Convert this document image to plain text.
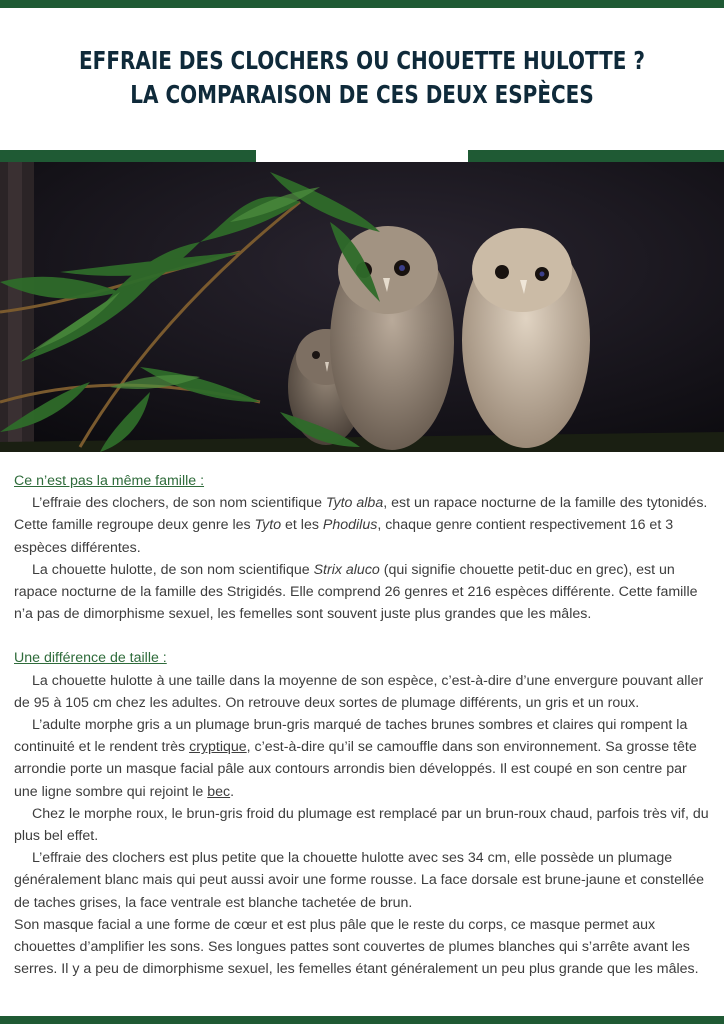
EFFRAIE DES CLOCHERS OU CHOUETTE HULOTTE ?
LA COMPARAISON DE CES DEUX ESPÈCES

Ce n’est pas la même famille :

L’effraie des clochers, de son nom scientifique Tyto alba, est un rapace nocturne de la famille des tytonidés. Cette famille regroupe deux genre les Tyto et les Phodilus, chaque genre contient respectivement 16 et 3 espèces différentes.

La chouette hulotte, de son nom scientifique Strix aluco (qui signifie chouette petit-duc en grec), est un rapace nocturne de la famille des Strigidés. Elle comprend 26 genres et 216 espèces différente. Cette famille n’a pas de dimorphisme sexuel, les femelles sont souvent juste plus grandes que les mâles.

Une différence de taille :

La chouette hulotte à une taille dans la moyenne de son espèce, c’est-à-dire d’une envergure pouvant aller de 95 à 105 cm chez les adultes. On retrouve deux sortes de plumage différents, un gris et un roux.

L’adulte morphe gris a un plumage brun-gris marqué de taches brunes sombres et claires qui rompent la continuité et le rendent très cryptique, c’est-à-dire qu’il se camouffle dans son environnement. Sa grosse tête arrondie porte un masque facial pâle aux contours arrondis bien développés. Il est coupé en son centre par une ligne sombre qui rejoint le bec.

Chez le morphe roux, le brun-gris froid du plumage est remplacé par un brun-roux chaud, parfois très vif, du plus bel effet.

L’effraie des clochers est plus petite que la chouette hulotte avec ses 34 cm, elle possède un plumage généralement blanc mais qui peut aussi avoir une forme rousse. La face dorsale est brune-jaune et constellée de taches grises, la face ventrale est blanche tachetée de brun.

Son masque facial a une forme de cœur et est plus pâle que le reste du corps, ce masque permet aux chouettes d’amplifier les sons. Ses longues pattes sont couvertes de plumes blanches qui s’arrête avant les serres. Il y a peu de dimorphisme sexuel, les femelles étant généralement un peu plus grande que les mâles.
